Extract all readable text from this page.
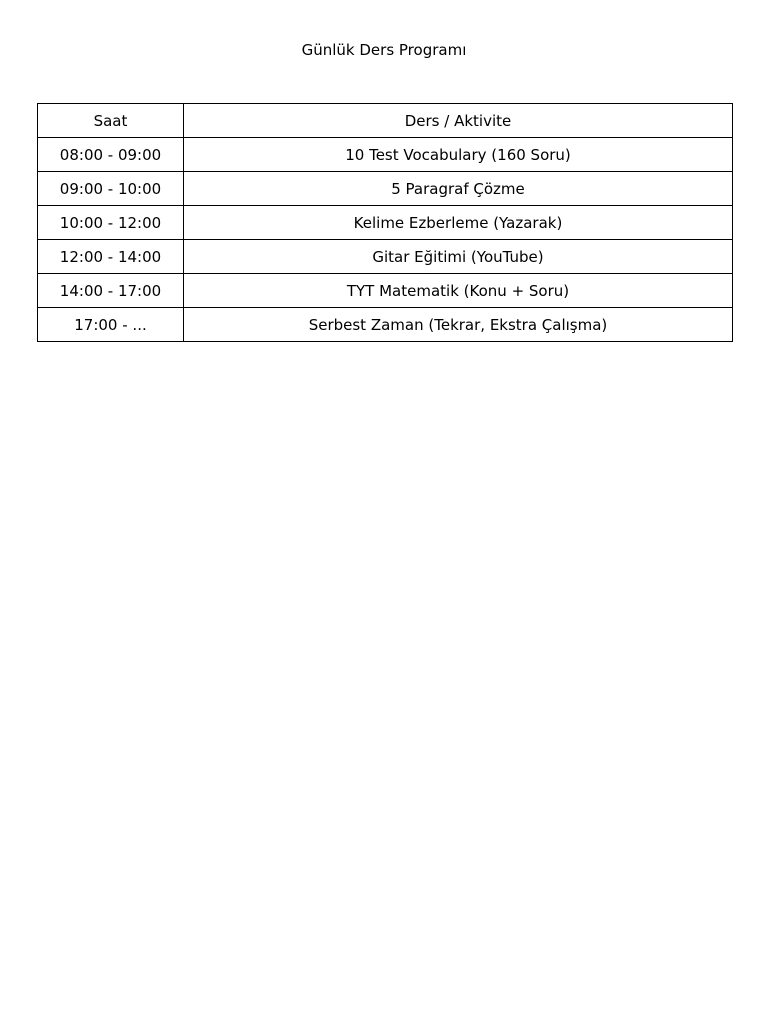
Günlük Ders Programı
Saat	Ders / Aktivite
08:00 - 09:00	10 Test Vocabulary (160 Soru)
09:00 - 10:00	5 Paragraf Çözme
10:00 - 12:00	Kelime Ezberleme (Yazarak)
12:00 - 14:00	Gitar Eğitimi (YouTube)
14:00 - 17:00	TYT Matematik (Konu + Soru)
17:00 - ...	Serbest Zaman (Tekrar, Ekstra Çalışma)
